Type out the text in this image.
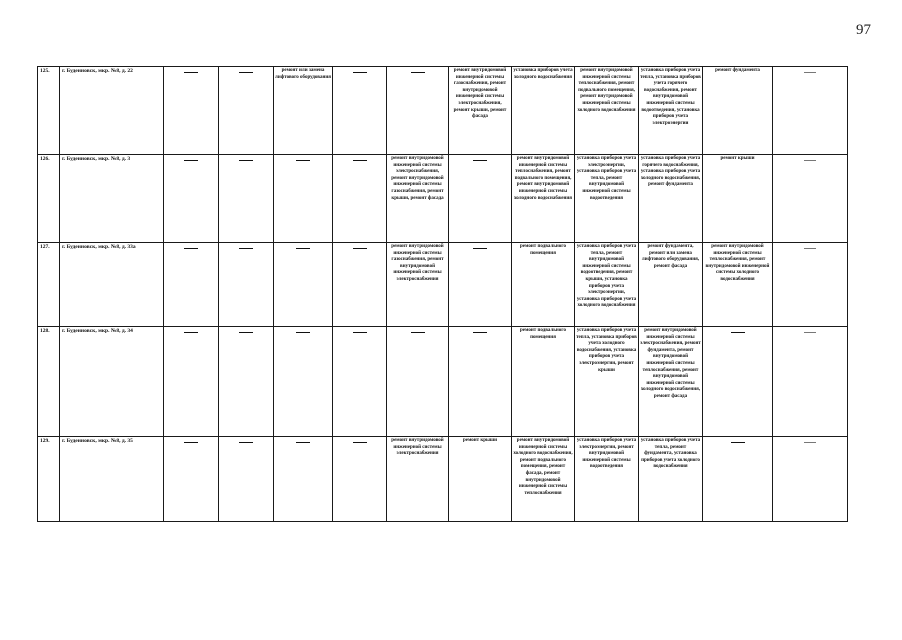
97
125.	г. Буденновск, мкр. №8, д. 22			ремонт или замена лифтового оборудования			ремонт внутридомовой инженерной системы газоснабжения, ремонт внутридомовой инженерной системы электроснабжения, ремонт крыши, ремонт фасада	установка приборов учета холодного водоснабжения	ремонт внутридомовой инженерной системы теплоснабжения, ремонт подвального помещения, ремонт внутридомовой инженерной системы холодного водоснабжения	установка приборов учета тепла, установка приборов учета горячего водоснабжения, ремонт внутридомовой инженерной системы водоотведения, установка приборов учета электроэнергии	ремонт фундамента	

126.	г. Буденновск, мкр. №8, д. 3					ремонт внутридомовой инженерной системы электроснабжения, ремонт внутридомовой инженерной системы газоснабжения, ремонт крыши, ремонт фасада		ремонт внутридомовой инженерной системы теплоснабжения, ремонт подвального помещения, ремонт внутридомовой инженерной системы холодного водоснабжения	установка приборов учета электроэнергии, установка приборов учета тепла, ремонт внутридомовой инженерной системы водоотведения	установка приборов учета горячего водоснабжения, установка приборов учета холодного водоснабжения, ремонт фундамента	ремонт крыши	

127.	г. Буденновск, мкр. №8, д. 33а					ремонт внутридомовой инженерной системы газоснабжения, ремонт внутридомовой инженерной системы электроснабжения		ремонт подвального помещения	установка приборов учета тепла, ремонт внутридомовой инженерной системы водоотведения, ремонт крыши, установка приборов учета электроэнергии, установка приборов учета холодного водоснабжения	ремонт фундамента, ремонт или замена лифтового оборудования, ремонт фасада	ремонт внутридомовой инженерной системы теплоснабжения, ремонт внутридомовой инженерной системы холодного водоснабжения	

128.	г. Буденновск, мкр. №8, д. 34							ремонт подвального помещения	установка приборов учета тепла, установка приборов учета холодного водоснабжения, установка приборов учета электроэнергии, ремонт крыши	ремонт внутридомовой инженерной системы электроснабжения, ремонт фундамента, ремонт внутридомовой инженерной системы теплоснабжения, ремонт внутридомовой инженерной системы холодного водоснабжения, ремонт фасада	

129.	г. Буденновск, мкр. №8, д. 35					ремонт внутридомовой инженерной системы электроснабжения	ремонт крыши	ремонт внутридомовой инженерной системы холодного водоснабжения, ремонт подвального помещения, ремонт фасада, ремонт внутридомовой инженерной системы теплоснабжения	установка приборов учета электроэнергии, ремонт внутридомовой инженерной системы водоотведения	установка приборов учета тепла, ремонт фундамента, установка приборов учета холодного водоснабжения	
